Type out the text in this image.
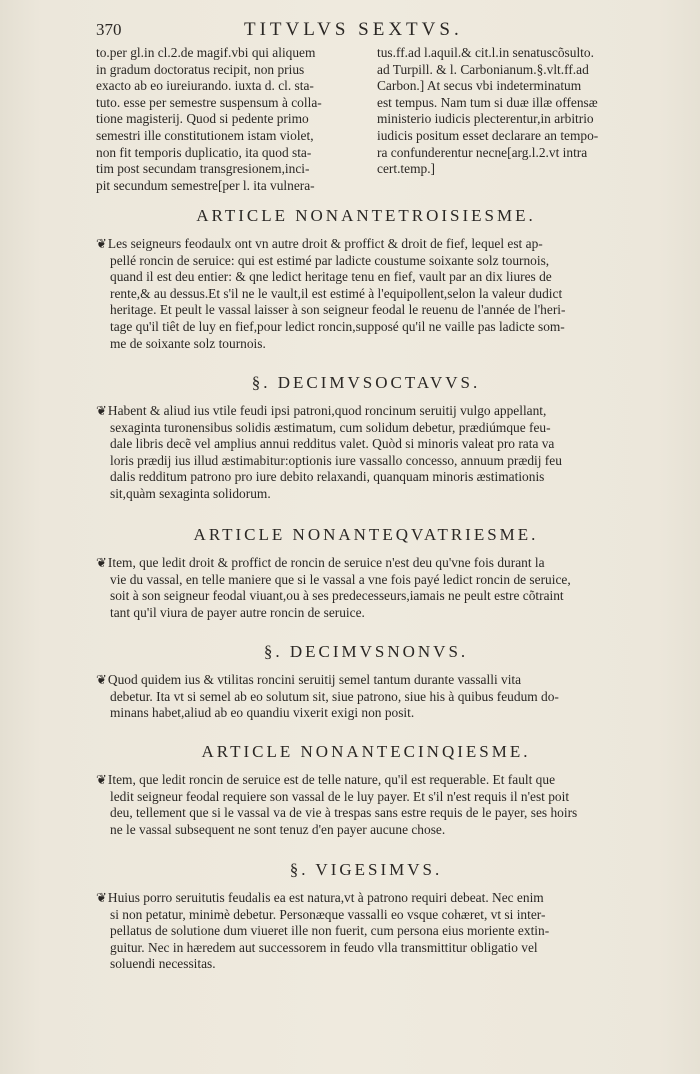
370	TITVLVS SEXTVS.
to.per gl.in cl.2.de magif.vbi qui aliquem
in gradum doctoratus recipit, non prius
exacto ab eo iureiurando. iuxta d. cl. sta-
tuto. esse per semestre suspensum à colla-
tione magisterij. Quod si pedente primo
semestri ille constitutionem istam violet,
non fit temporis duplicatio, ita quod sta-
tim post secundam transgresionem,inci-
pit secundum semestre[per l. ita vulnera-
tus.ff.ad l.aquil.& cit.l.in senatuscõsulto.
ad Turpill. & l. Carbonianum.§.vlt.ff.ad
Carbon.] At secus vbi indeterminatum
est tempus. Nam tum si duæ illæ offensæ
ministerio iudicis plecterentur,in arbitrio
iudicis positum esset declarare an tempo-
ra confunderentur necne[arg.l.2.vt intra
cert.temp.]
ARTICLE NONANTETROISIESME.
❦Les seigneurs feodaulx ont vn autre droit & proffict & droit de fief, lequel est ap-
pellé roncin de seruice: qui est estimé par ladicte coustume soixante solz tournois,
quand il est deu entier: & qne ledict heritage tenu en fief, vault par an dix liures de
rente,& au dessus.Et s'il ne le vault,il est estimé à l'equipollent,selon la valeur dudict
heritage. Et peult le vassal laisser à son seigneur feodal le reuenu de l'année de l'heri-
tage qu'il tiêt de luy en fief,pour ledict roncin,supposé qu'il ne vaille pas ladicte som-
me de soixante solz tournois.
§. DECIMVSOCTAVVS.
❦Habent & aliud ius vtile feudi ipsi patroni,quod roncinum seruitij vulgo appellant,
sexaginta turonensibus solidis æstimatum, cum solidum debetur, prædiúmque feu-
dale libris decẽ vel amplius annui redditus valet. Quòd si minoris valeat pro rata va
loris prædij ius illud æstimabitur:optionis iure vassallo concesso, annuum prædij feu
dalis redditum patrono pro iure debito relaxandi, quanquam minoris æstimationis
sit,quàm sexaginta solidorum.
ARTICLE NONANTEQVATRIESME.
❦Item, que ledit droit & proffict de roncin de seruice n'est deu qu'vne fois durant la
vie du vassal, en telle maniere que si le vassal a vne fois payé ledict roncin de seruice,
soit à son seigneur feodal viuant,ou à ses predecesseurs,iamais ne peult estre cõtraint
tant qu'il viura de payer autre roncin de seruice.
§. DECIMVSNONVS.
❦Quod quidem ius & vtilitas roncini seruitij semel tantum durante vassalli vita
debetur. Ita vt si semel ab eo solutum sit, siue patrono, siue his à quibus feudum do-
minans habet,aliud ab eo quandiu vixerit exigi non posit.
ARTICLE NONANTECINQIESME.
❦Item, que ledit roncin de seruice est de telle nature, qu'il est requerable. Et fault que
ledit seigneur feodal requiere son vassal de le luy payer. Et s'il n'est requis il n'est poit
deu, tellement que si le vassal va de vie à trespas sans estre requis de le payer, ses hoirs
ne le vassal subsequent ne sont tenuz d'en payer aucune chose.
§. VIGESIMVS.
❦Huius porro seruitutis feudalis ea est natura,vt à patrono requiri debeat. Nec enim
si non petatur, minimè debetur. Personæque vassalli eo vsque cohæret, vt si inter-
pellatus de solutione dum viueret ille non fuerit, cum persona eius moriente extin-
guitur. Nec in hæredem aut successorem in feudo vlla transmittitur obligatio vel
soluendi necessitas.
